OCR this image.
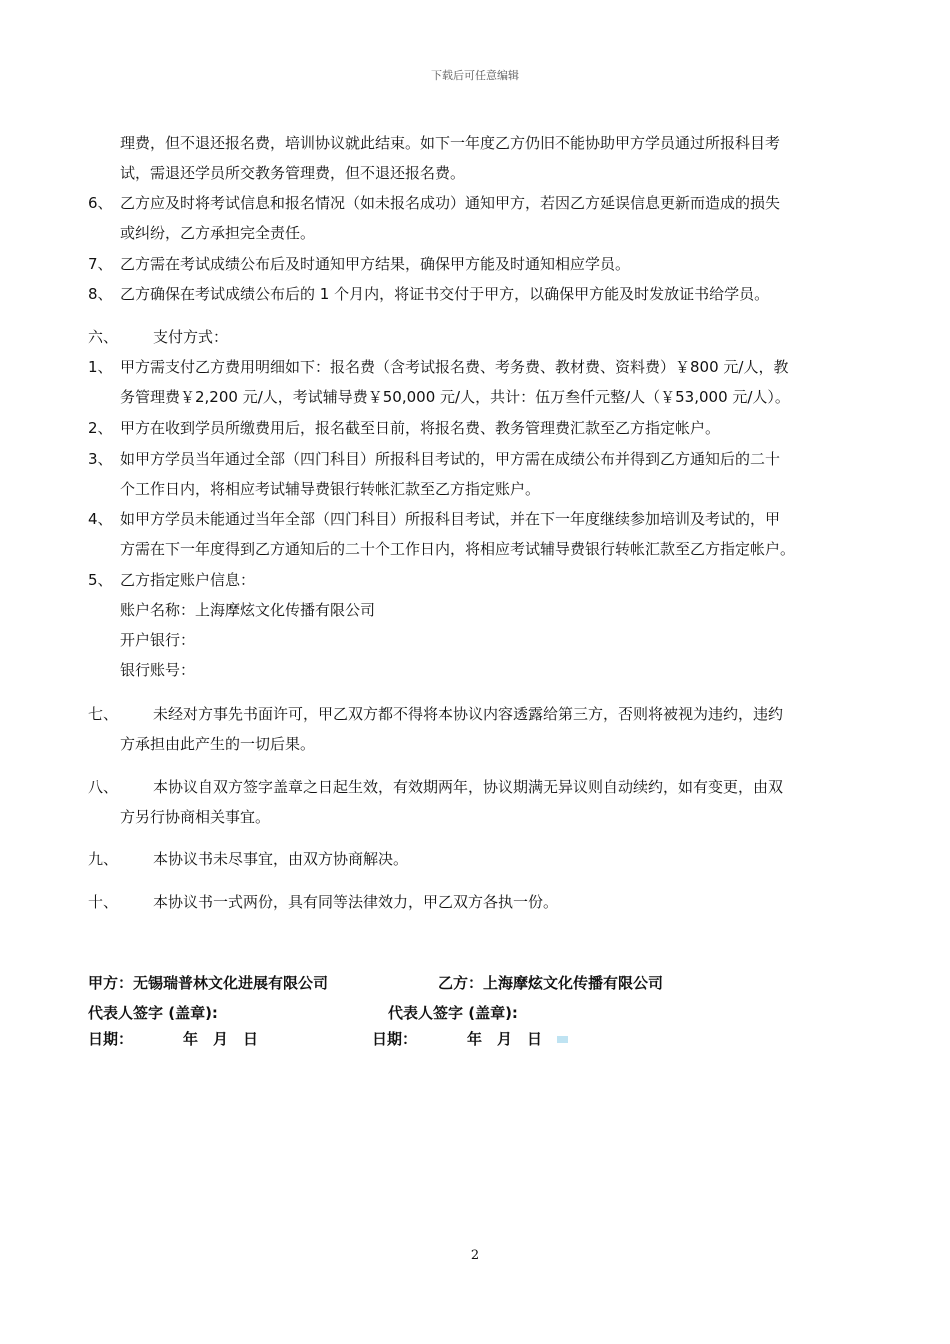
下载后可任意编辑
理费，但不退还报名费，培训协议就此结束。如下一年度乙方仍旧不能协助甲方学员通过所报科目考
试，需退还学员所交教务管理费，但不退还报名费。
6、 乙方应及时将考试信息和报名情况（如未报名成功）通知甲方，若因乙方延误信息更新而造成的损失
或纠纷，乙方承担完全责任。
7、 乙方需在考试成绩公布后及时通知甲方结果，确保甲方能及时通知相应学员。
8、 乙方确保在考试成绩公布后的 1 个月内，将证书交付于甲方，以确保甲方能及时发放证书给学员。
六、 支付方式：
1、 甲方需支付乙方费用明细如下：报名费（含考试报名费、考务费、教材费、资料费）￥800 元/人，教
务管理费￥2,200 元/人，考试辅导费￥50,000 元/人，共计：伍万叁仟元整/人（￥53,000 元/人）。
2、 甲方在收到学员所缴费用后，报名截至日前，将报名费、教务管理费汇款至乙方指定帐户。
3、 如甲方学员当年通过全部（四门科目）所报科目考试的，甲方需在成绩公布并得到乙方通知后的二十
个工作日内，将相应考试辅导费银行转帐汇款至乙方指定账户。
4、 如甲方学员未能通过当年全部（四门科目）所报科目考试，并在下一年度继续参加培训及考试的，甲
方需在下一年度得到乙方通知后的二十个工作日内，将相应考试辅导费银行转帐汇款至乙方指定帐户。
5、 乙方指定账户信息：
账户名称：上海摩炫文化传播有限公司
开户银行：
银行账号：
七、 未经对方事先书面许可，甲乙双方都不得将本协议内容透露给第三方，否则将被视为违约，违约
方承担由此产生的一切后果。
八、 本协议自双方签字盖章之日起生效，有效期两年，协议期满无异议则自动续约，如有变更，由双
方另行协商相关事宜。
九、 本协议书未尽事宜，由双方协商解决。
十、 本协议书一式两份，具有同等法律效力，甲乙双方各执一份。
甲方：无锡瑞普林文化进展有限公司	乙方：上海摩炫文化传播有限公司
代表人签字 (盖章):	代表人签字 (盖章):
日期：	年　月　日	日期：	年　月　日
2
